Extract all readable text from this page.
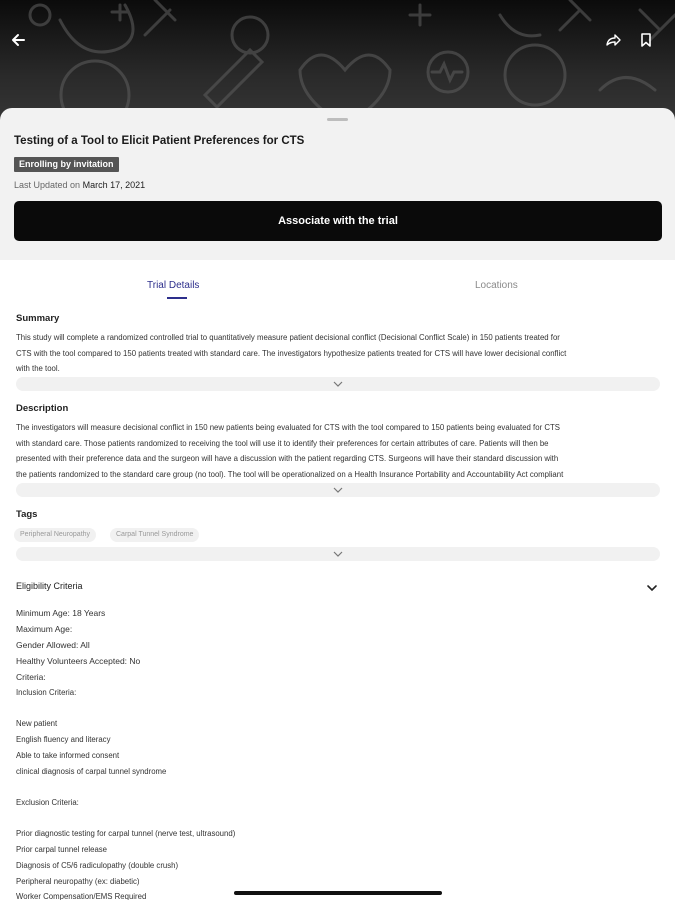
Testing of a Tool to Elicit Patient Preferences for CTS
Enrolling by invitation
Last Updated on March 17, 2021
Associate with the trial
Trial Details	Locations
Summary
This study will complete a randomized controlled trial to quantitatively measure patient decisional conflict (Decisional Conflict Scale) in 150 patients treated for
CTS with the tool compared to 150 patients treated with standard care. The investigators hypothesize patients treated for CTS will have lower decisional conflict
with the tool.
Description
The investigators will measure decisional conflict in 150 new patients being evaluated for CTS with the tool compared to 150 patients being evaluated for CTS
with standard care. Those patients randomized to receiving the tool will use it to identify their preferences for certain attributes of care. Patients will then be
presented with their preference data and the surgeon will have a discussion with the patient regarding CTS. Surgeons will have their standard discussion with
the patients randomized to the standard care group (no tool). The tool will be operationalized on a Health Insurance Portability and Accountability Act compliant
Tags
Peripheral Neuropathy	Carpal Tunnel Syndrome
Eligibility Criteria
Minimum Age: 18 Years
Maximum Age:
Gender Allowed: All
Healthy Volunteers Accepted: No
Criteria:
Inclusion Criteria:
New patient
English fluency and literacy
Able to take informed consent
clinical diagnosis of carpal tunnel syndrome
Exclusion Criteria:
Prior diagnostic testing for carpal tunnel (nerve test, ultrasound)
Prior carpal tunnel release
Diagnosis of C5/6 radiculopathy (double crush)
Peripheral neuropathy (ex: diabetic)
Worker Compensation/EMS Required
